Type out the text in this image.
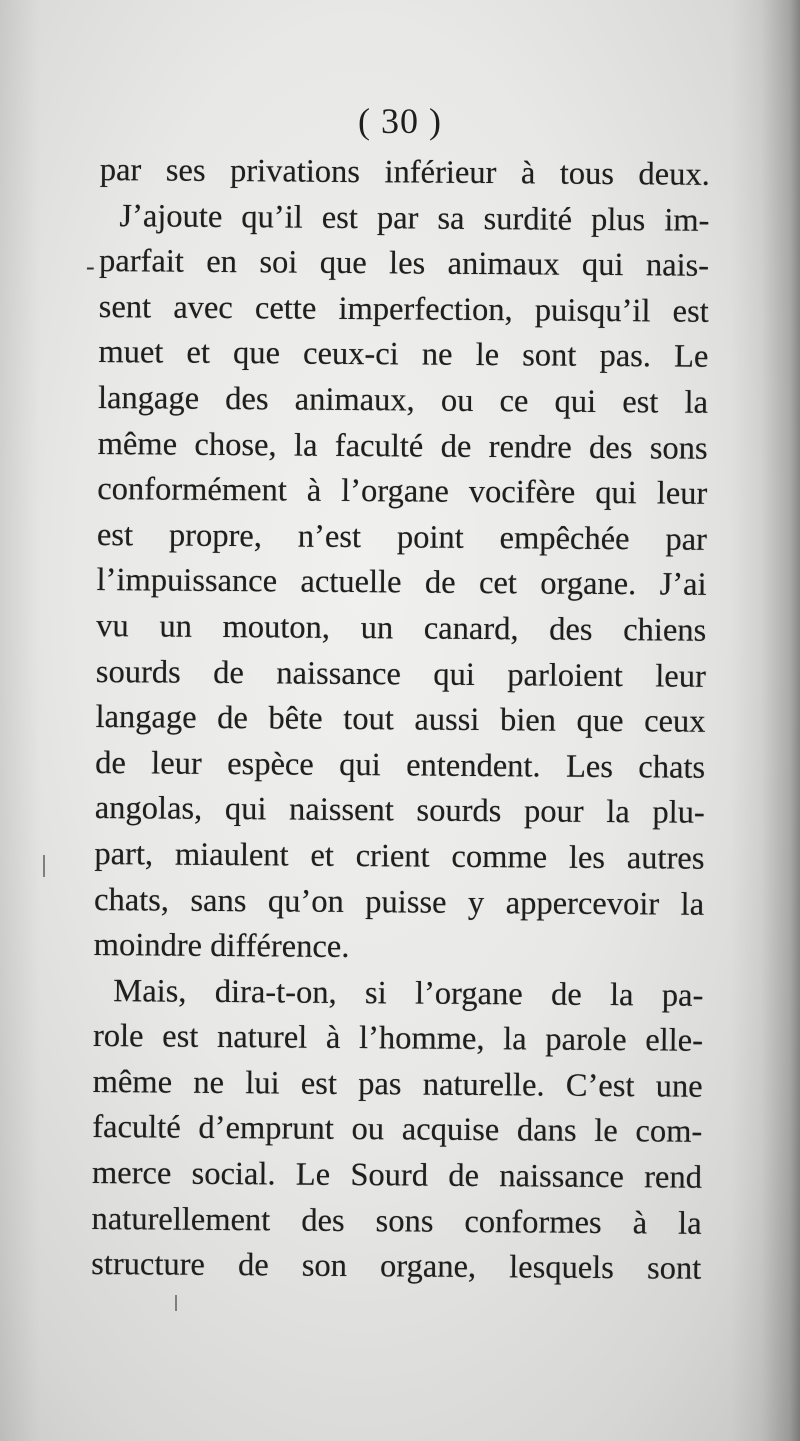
( 30 )
-
par ses privations inférieur à tous deux.
J’ajoute qu’il est par sa surdité plus im-
parfait en soi que les animaux qui nais-
sent avec cette imperfection, puisqu’il est
muet et que ceux-ci ne le sont pas. Le
langage des animaux, ou ce qui est la
même chose, la faculté de rendre des sons
conformément à l’organe vocifère qui leur
est propre, n’est point empêchée par
l’impuissance actuelle de cet organe. J’ai
vu un mouton, un canard, des chiens
sourds de naissance qui parloient leur
langage de bête tout aussi bien que ceux
de leur espèce qui entendent. Les chats
angolas, qui naissent sourds pour la plu-
part, miaulent et crient comme les autres
chats, sans qu’on puisse y appercevoir la
moindre différence.
Mais, dira-t-on, si l’organe de la pa-
role est naturel à l’homme, la parole elle-
même ne lui est pas naturelle. C’est une
faculté d’emprunt ou acquise dans le com-
merce social. Le Sourd de naissance rend
naturellement des sons conformes à la
structure de son organe, lesquels sont
